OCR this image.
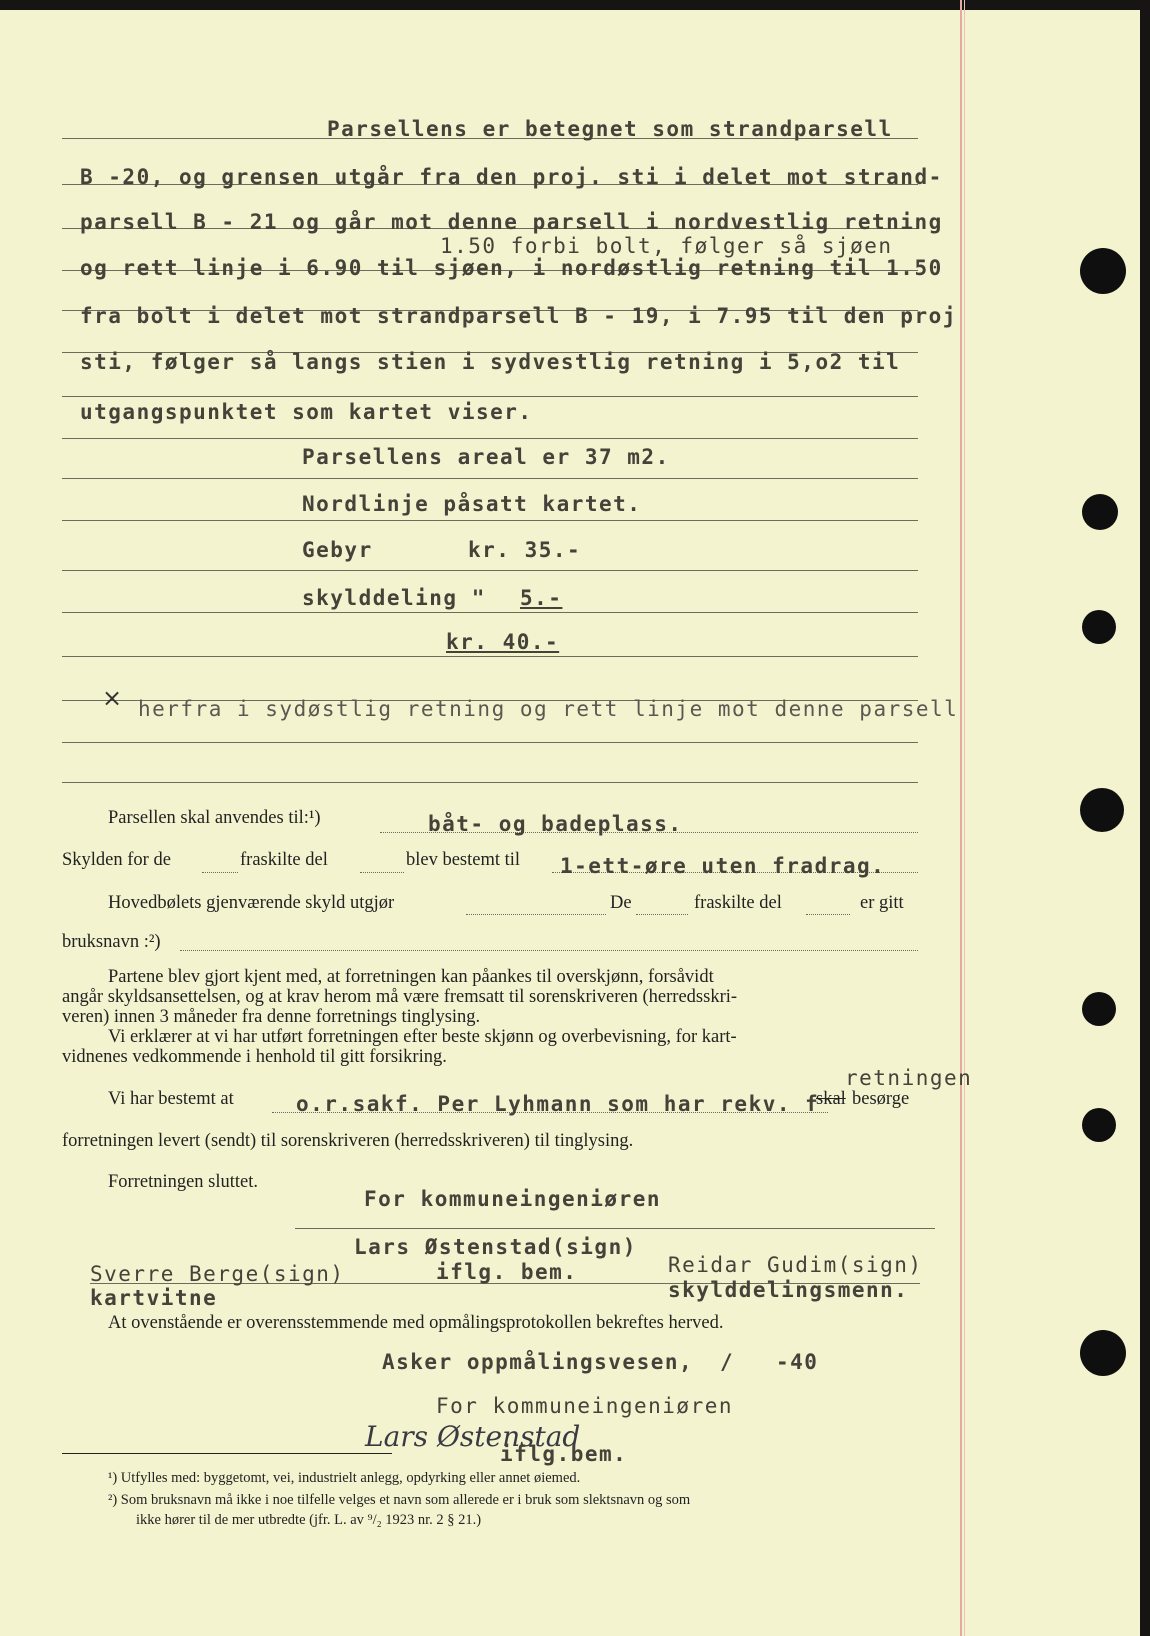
Parsellens er betegnet som strandparsell
B -20, og grensen utgår fra den proj. sti i delet mot strand-
parsell B - 21 og går mot denne parsell i nordvestlig retning
1.50 forbi bolt, følger så sjøen
og rett linje i 6.90 til sjøen, i nordøstlig retning til 1.50
fra bolt i delet mot strandparsell B - 19, i 7.95 til den proj
sti, følger så langs stien i sydvestlig retning i 5,o2 til
utgangspunktet som kartet viser.
Parsellens areal er 37 m2.
Nordlinje påsatt kartet.
Gebyr	kr. 35.-
skylddeling " 5.-
kr. 40.-
× herfra i sydøstlig retning og rett linje mot denne parsell
Parsellen skal anvendes til:¹)	båt- og badeplass.
Skylden for de	fraskilte del	blev bestemt til 1-ett-øre uten fradrag.
Hovedbølets gjenværende skyld utgjør	De	fraskilte del	er gitt
bruksnavn :²)
Partene blev gjort kjent med, at forretningen kan påankes til overskjønn, forsåvidt
angår skyldsansettelsen, og at krav herom må være fremsatt til sorenskriveren (herredsskri-
veren) innen 3 måneder fra denne forretnings tinglysing.
Vi erklærer at vi har utført forretningen efter beste skjønn og overbevisning, for kart-
vidnenes vedkommende i henhold til gitt forsikring.
retningen
Vi har bestemt at	o.r.sakf. Per Lyhmann som har rekv. f
skal besørge
forretningen levert (sendt) til sorenskriveren (herredsskriveren) til tinglysing.
Forretningen sluttet.
For kommuneingeniøren
Lars Østenstad(sign)
iflg. bem.
Sverre Berge(sign)
kartvitne
Reidar Gudim(sign)
skylddelingsmenn.
At ovenstående er overensstemmende med opmålingsprotokollen bekreftes herved.
Asker oppmålingsvesen, / -40
For kommuneingeniøren
Lars Østenstad
iflg.bem.
¹) Utfylles med: byggetomt, vei, industrielt anlegg, opdyrking eller annet øiemed.
²) Som bruksnavn må ikke i noe tilfelle velges et navn som allerede er i bruk som slektsnavn og som
ikke hører til de mer utbredte (jfr. L. av ⁹/₂ 1923 nr. 2 § 21.)
